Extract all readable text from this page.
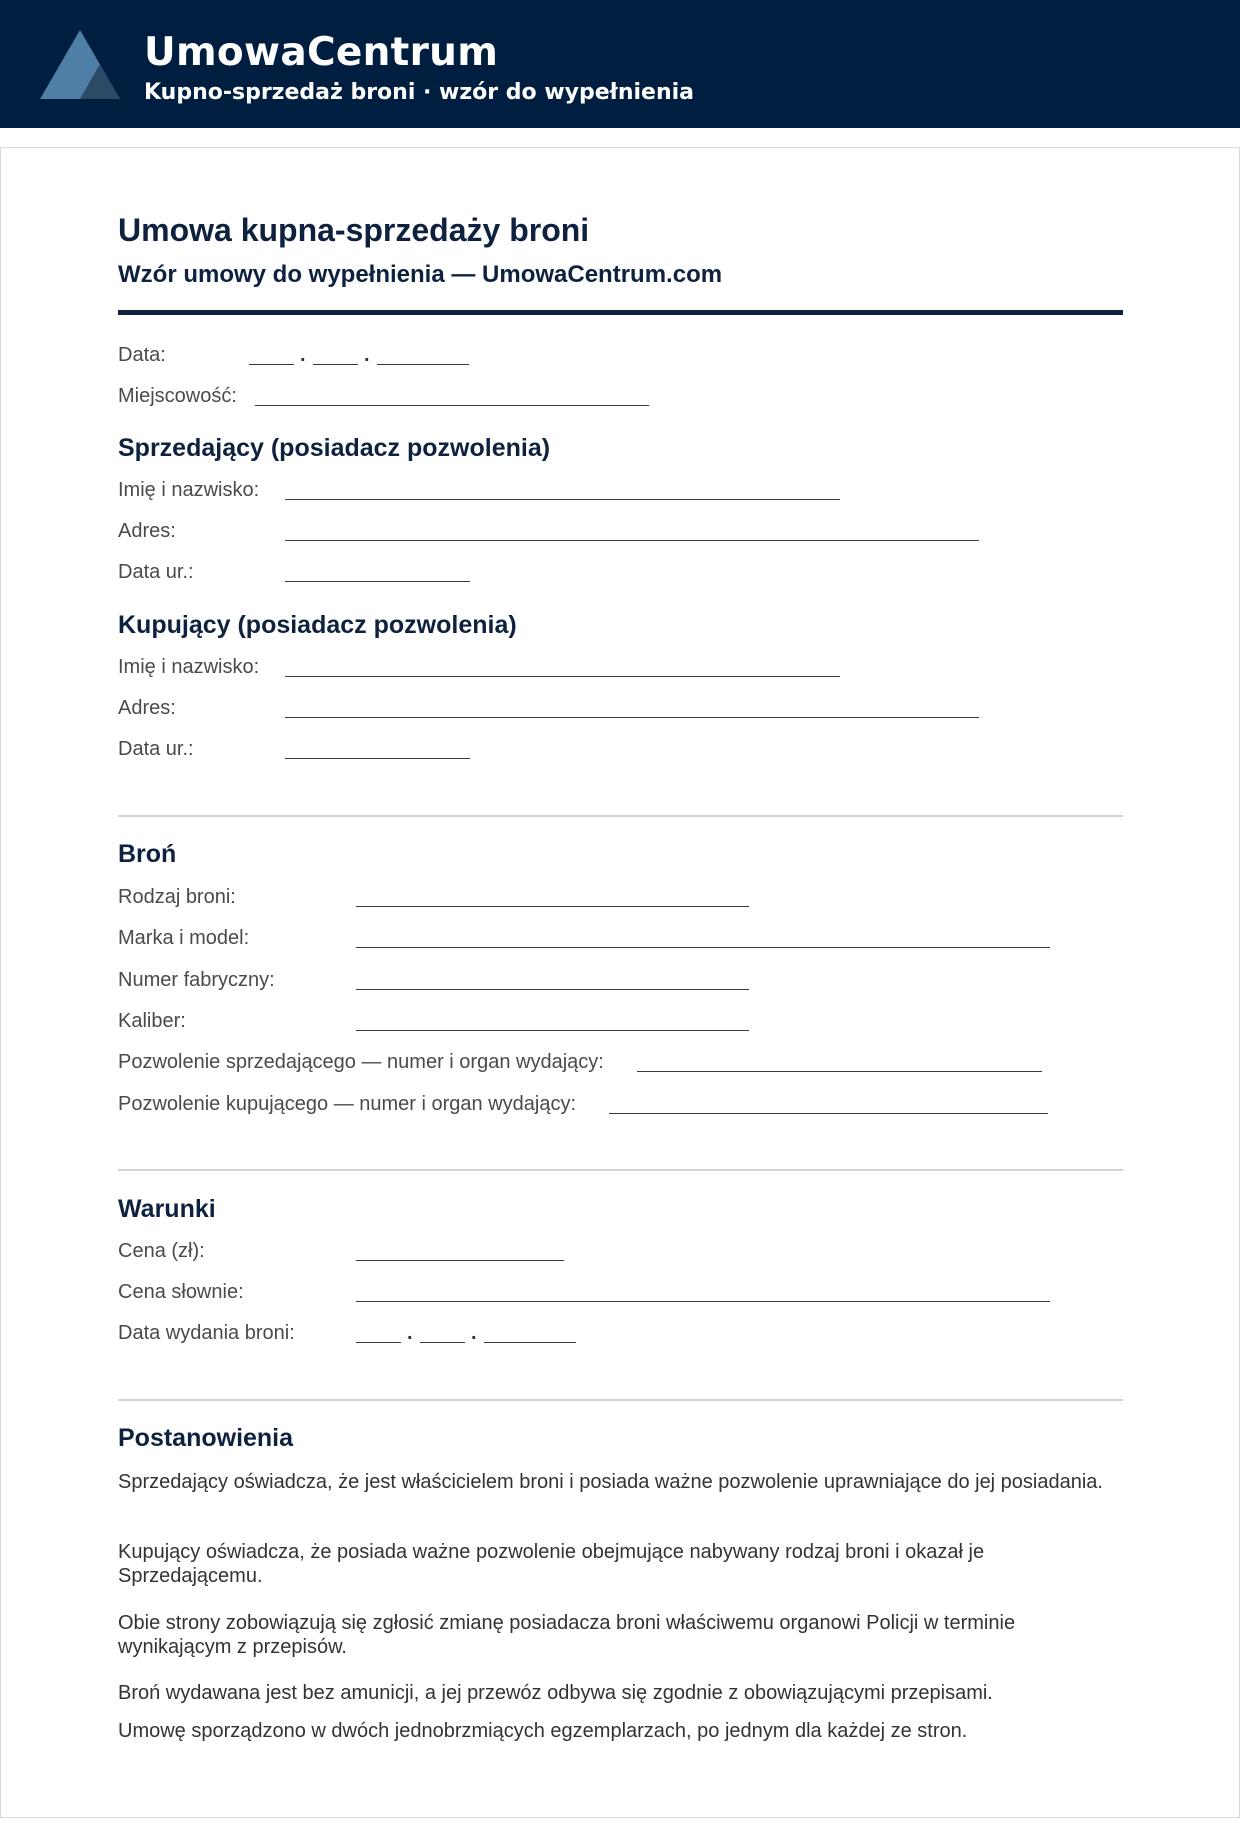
UmowaCentrum
Kupno-sprzedaż broni · wzór do wypełnienia
Umowa kupna-sprzedaży broni
Wzór umowy do wypełnienia — UmowaCentrum.com
Data:	.	.
Miejscowość:
Sprzedający (posiadacz pozwolenia)
Imię i nazwisko:
Adres:
Data ur.:
Kupujący (posiadacz pozwolenia)
Imię i nazwisko:
Adres:
Data ur.:
Broń
Rodzaj broni:
Marka i model:
Numer fabryczny:
Kaliber:
Pozwolenie sprzedającego — numer i organ wydający:
Pozwolenie kupującego — numer i organ wydający:
Warunki
Cena (zł):
Cena słownie:
Data wydania broni:	.	.
Postanowienia
Sprzedający oświadcza, że jest właścicielem broni i posiada ważne pozwolenie uprawniające do jej posiadania.
Kupujący oświadcza, że posiada ważne pozwolenie obejmujące nabywany rodzaj broni i okazał je Sprzedającemu.
Obie strony zobowiązują się zgłosić zmianę posiadacza broni właściwemu organowi Policji w terminie wynikającym z przepisów.
Broń wydawana jest bez amunicji, a jej przewóz odbywa się zgodnie z obowiązującymi przepisami.
Umowę sporządzono w dwóch jednobrzmiących egzemplarzach, po jednym dla każdej ze stron.
